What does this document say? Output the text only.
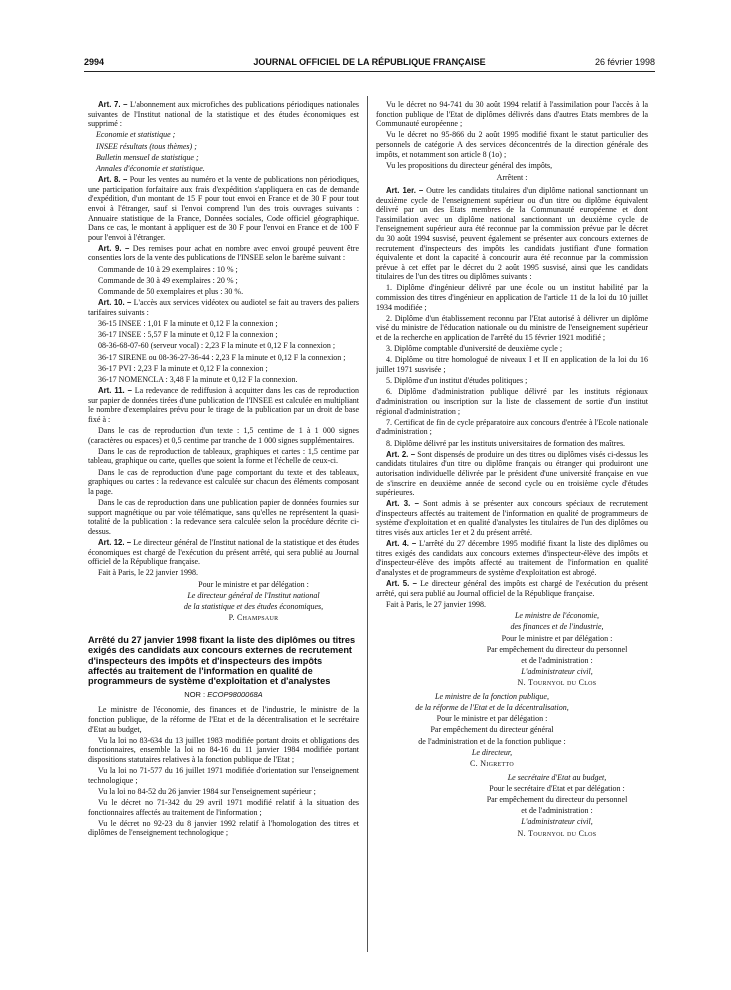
2994	JOURNAL OFFICIEL DE LA RÉPUBLIQUE FRANÇAISE	26 février 1998

Art. 7. – L'abonnement aux microfiches des publications périodiques nationales suivantes de l'Institut national de la statistique et des études économiques est supprimé :

Economie et statistique ;

INSEE résultats (tous thèmes) ;

Bulletin mensuel de statistique ;

Annales d'économie et statistique.

Art. 8. – Pour les ventes au numéro et la vente de publications non périodiques, une participation forfaitaire aux frais d'expédition s'appliquera en cas de demande d'expédition, d'un montant de 15 F pour tout envoi en France et de 30 F pour tout envoi à l'étranger, sauf si l'envoi comprend l'un des trois ouvrages suivants : Annuaire statistique de la France, Données sociales, Code officiel géographique. Dans ce cas, le montant à appliquer est de 30 F pour l'envoi en France et de 100 F pour l'envoi à l'étranger.

Art. 9. – Des remises pour achat en nombre avec envoi groupé peuvent être consenties lors de la vente des publications de l'INSEE selon le barème suivant :

Commande de 10 à 29 exemplaires : 10 % ;

Commande de 30 à 49 exemplaires : 20 % ;

Commande de 50 exemplaires et plus : 30 %.

Art. 10. – L'accès aux services vidéotex ou audiotel se fait au travers des paliers tarifaires suivants :

36-15 INSEE : 1,01 F la minute et 0,12 F la connexion ;

36-17 INSEE : 5,57 F la minute et 0,12 F la connexion ;

08-36-68-07-60 (serveur vocal) : 2,23 F la minute et 0,12 F la connexion ;

36-17 SIRENE ou 08-36-27-36-44 : 2,23 F la minute et 0,12 F la connexion ;

36-17 PVI : 2,23 F la minute et 0,12 F la connexion ;

36-17 NOMENCLA : 3,48 F la minute et 0,12 F la connexion.

Art. 11. – La redevance de rediffusion à acquitter dans les cas de reproduction sur papier de données tirées d'une publication de l'INSEE est calculée en multipliant le nombre d'exemplaires prévu pour le tirage de la publication par un droit de base fixé à :

Dans le cas de reproduction d'un texte : 1,5 centime de 1 à 1 000 signes (caractères ou espaces) et 0,5 centime par tranche de 1 000 signes supplémentaires.

Dans le cas de reproduction de tableaux, graphiques et cartes : 1,5 centime par tableau, graphique ou carte, quelles que soient la forme et l'échelle de ceux-ci.

Dans le cas de reproduction d'une page comportant du texte et des tableaux, graphiques ou cartes : la redevance est calculée sur chacun des éléments composant la page.

Dans le cas de reproduction dans une publication papier de données fournies sur support magnétique ou par voie télématique, sans qu'elles ne représentent la quasi-totalité de la publication : la redevance sera calculée selon la procédure décrite ci-dessus.

Art. 12. – Le directeur général de l'Institut national de la statistique et des études économiques est chargé de l'exécution du présent arrêté, qui sera publié au Journal officiel de la République française.

Fait à Paris, le 22 janvier 1998.

Pour le ministre et par délégation :

Le directeur général de l'Institut national

de la statistique et des études économiques,

P. Champsaur

Arrêté du 27 janvier 1998 fixant la liste des diplômes ou titres exigés des candidats aux concours externes de recrutement d'inspecteurs des impôts et d'inspecteurs des impôts affectés au traitement de l'information en qualité de programmeurs de système d'exploitation et d'analystes

NOR : ECOP9800068A

Le ministre de l'économie, des finances et de l'industrie, le ministre de la fonction publique, de la réforme de l'Etat et de la décentralisation et le secrétaire d'Etat au budget,

Vu la loi no 83-634 du 13 juillet 1983 modifiée portant droits et obligations des fonctionnaires, ensemble la loi no 84-16 du 11 janvier 1984 modifiée portant dispositions statutaires relatives à la fonction publique de l'Etat ;

Vu la loi no 71-577 du 16 juillet 1971 modifiée d'orientation sur l'enseignement technologique ;

Vu la loi no 84-52 du 26 janvier 1984 sur l'enseignement supérieur ;

Vu le décret no 71-342 du 29 avril 1971 modifié relatif à la situation des fonctionnaires affectés au traitement de l'information ;

Vu le décret no 92-23 du 8 janvier 1992 relatif à l'homologation des titres et diplômes de l'enseignement technologique ;

Vu le décret no 94-741 du 30 août 1994 relatif à l'assimilation pour l'accès à la fonction publique de l'Etat de diplômes délivrés dans d'autres Etats membres de la Communauté européenne ;

Vu le décret no 95-866 du 2 août 1995 modifié fixant le statut particulier des personnels de catégorie A des services déconcentrés de la direction générale des impôts, et notamment son article 8 (1o) ;

Vu les propositions du directeur général des impôts,

Arrêtent :

Art. 1er. – Outre les candidats titulaires d'un diplôme national sanctionnant un deuxième cycle de l'enseignement supérieur ou d'un titre ou diplôme équivalent délivré par un des Etats membres de la Communauté européenne et dont l'assimilation avec un diplôme national sanctionnant un deuxième cycle de l'enseignement supérieur aura été reconnue par la commission prévue par le décret du 30 août 1994 susvisé, peuvent également se présenter aux concours externes de recrutement d'inspecteurs des impôts les candidats justifiant d'une formation équivalente et dont la capacité à concourir aura été reconnue par la commission prévue à cet effet par le décret du 2 août 1995 susvisé, ainsi que les candidats titulaires de l'un des titres ou diplômes suivants :

1. Diplôme d'ingénieur délivré par une école ou un institut habilité par la commission des titres d'ingénieur en application de l'article 11 de la loi du 10 juillet 1934 modifiée ;

2. Diplôme d'un établissement reconnu par l'Etat autorisé à délivrer un diplôme visé du ministre de l'éducation nationale ou du ministre de l'enseignement supérieur et de la recherche en application de l'arrêté du 15 février 1921 modifié ;

3. Diplôme comptable d'université de deuxième cycle ;

4. Diplôme ou titre homologué de niveaux I et II en application de la loi du 16 juillet 1971 susvisée ;

5. Diplôme d'un institut d'études politiques ;

6. Diplôme d'administration publique délivré par les instituts régionaux d'administration ou inscription sur la liste de classement de sortie d'un institut régional d'administration ;

7. Certificat de fin de cycle préparatoire aux concours d'entrée à l'Ecole nationale d'administration ;

8. Diplôme délivré par les instituts universitaires de formation des maîtres.

Art. 2. – Sont dispensés de produire un des titres ou diplômes visés ci-dessus les candidats titulaires d'un titre ou diplôme français ou étranger qui produiront une autorisation individuelle délivrée par le président d'une université française en vue de s'inscrire en deuxième année de second cycle ou en troisième cycle d'études supérieures.

Art. 3. – Sont admis à se présenter aux concours spéciaux de recrutement d'inspecteurs affectés au traitement de l'information en qualité de programmeurs de système d'exploitation et en qualité d'analystes les titulaires de l'un des diplômes ou titres visés aux articles 1er et 2 du présent arrêté.

Art. 4. – L'arrêté du 27 décembre 1995 modifié fixant la liste des diplômes ou titres exigés des candidats aux concours externes d'inspecteur-élève des impôts et d'inspecteur-élève des impôts affecté au traitement de l'information en qualité d'analystes et de programmeurs de système d'exploitation est abrogé.

Art. 5. – Le directeur général des impôts est chargé de l'exécution du présent arrêté, qui sera publié au Journal officiel de la République française.

Fait à Paris, le 27 janvier 1998.

Le ministre de l'économie,

des finances et de l'industrie,

Pour le ministre et par délégation :

Par empêchement du directeur du personnel

et de l'administration :

L'administrateur civil,

N. Tournyol du Clos

Le ministre de la fonction publique,

de la réforme de l'Etat et de la décentralisation,

Pour le ministre et par délégation :

Par empêchement du directeur général

de l'administration et de la fonction publique :

Le directeur,

C. Nigretto

Le secrétaire d'Etat au budget,

Pour le secrétaire d'Etat et par délégation :

Par empêchement du directeur du personnel

et de l'administration :

L'administrateur civil,

N. Tournyol du Clos
